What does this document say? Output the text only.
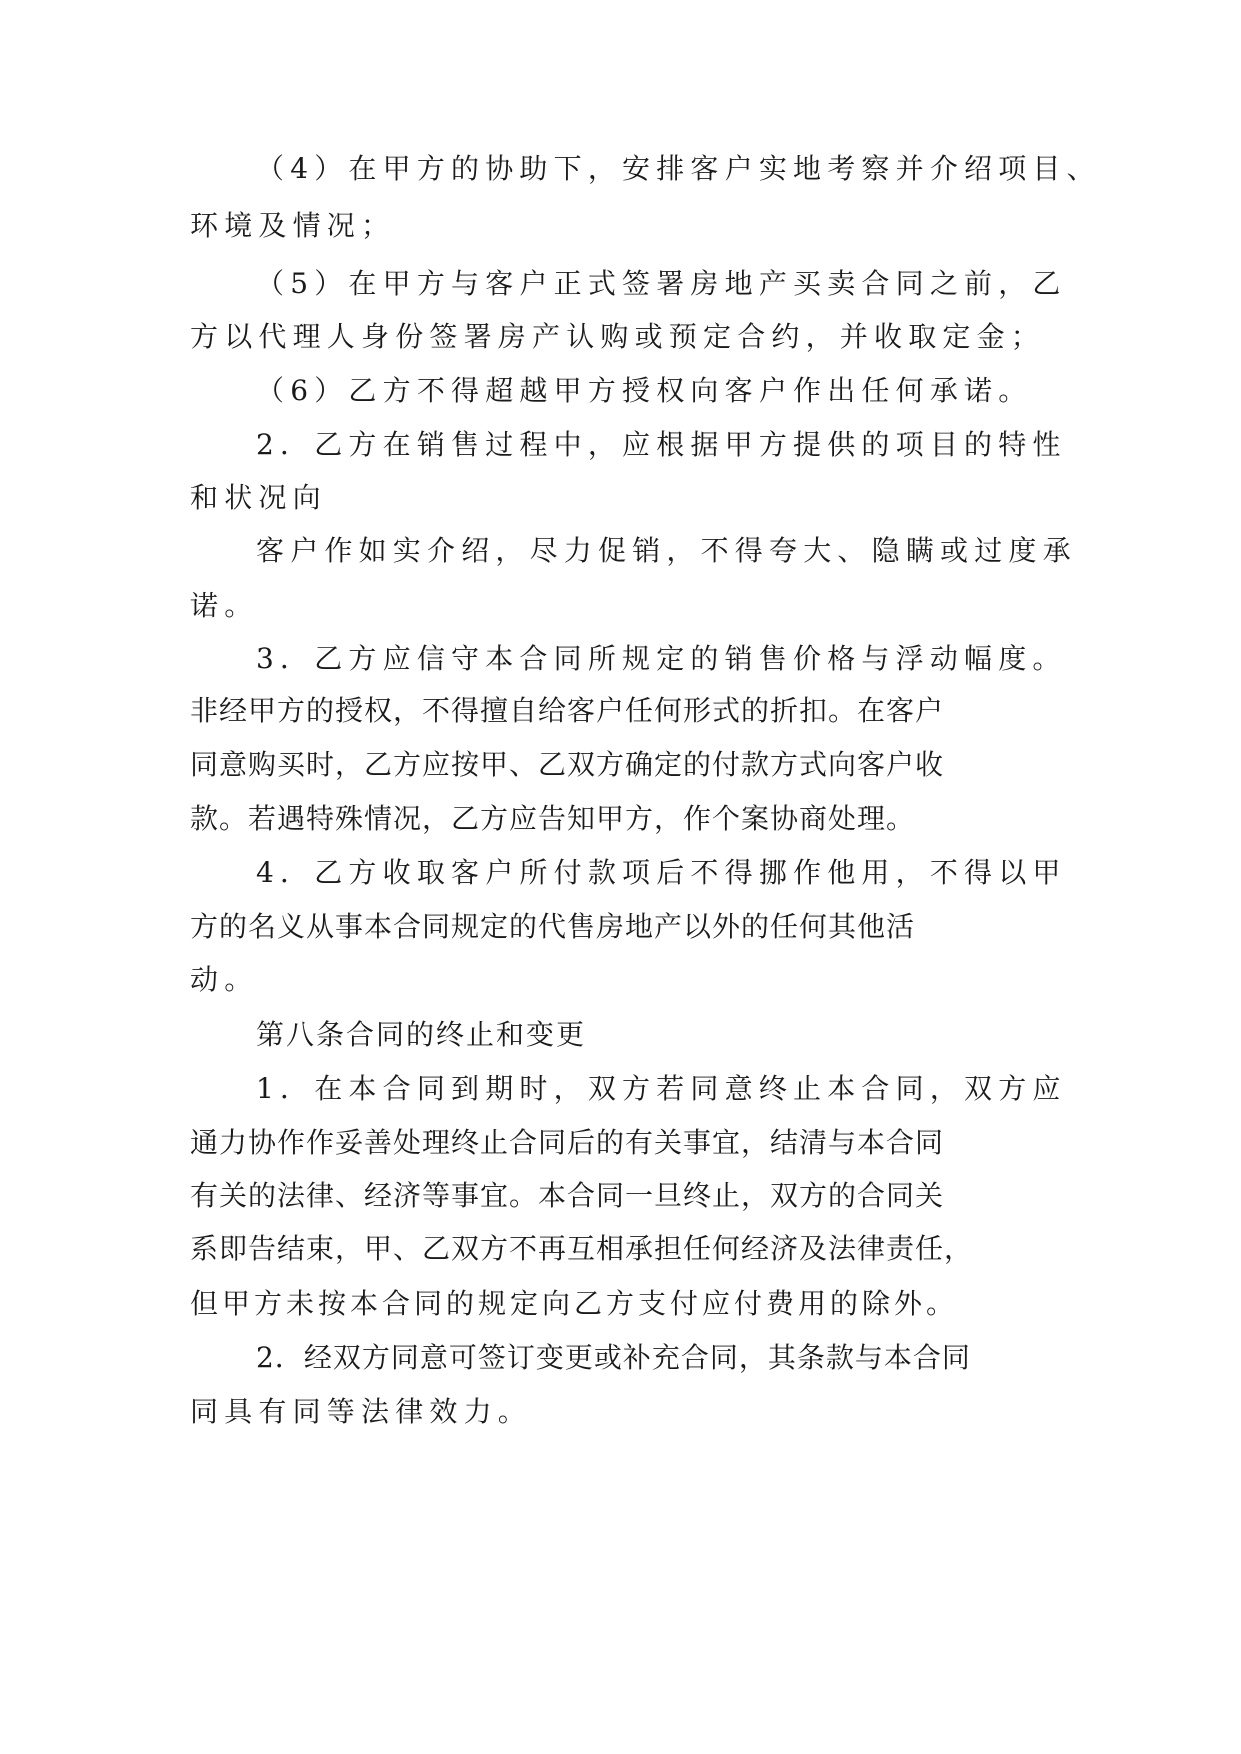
（4）在甲方的协助下，安排客户实地考察并介绍项目、
环境及情况；
（5）在甲方与客户正式签署房地产买卖合同之前，乙
方以代理人身份签署房产认购或预定合约，并收取定金；
（6）乙方不得超越甲方授权向客户作出任何承诺。
2．乙方在销售过程中，应根据甲方提供的项目的特性
和状况向
客户作如实介绍，尽力促销，不得夸大、隐瞒或过度承
诺。
3．乙方应信守本合同所规定的销售价格与浮动幅度。
非经甲方的授权，不得擅自给客户任何形式的折扣。在客户
同意购买时，乙方应按甲、乙双方确定的付款方式向客户收
款。若遇特殊情况，乙方应告知甲方，作个案协商处理。
4．乙方收取客户所付款项后不得挪作他用，不得以甲
方的名义从事本合同规定的代售房地产以外的任何其他活
动。
第八条合同的终止和变更
1．在本合同到期时，双方若同意终止本合同，双方应
通力协作作妥善处理终止合同后的有关事宜，结清与本合同
有关的法律、经济等事宜。本合同一旦终止，双方的合同关
系即告结束，甲、乙双方不再互相承担任何经济及法律责任，
但甲方未按本合同的规定向乙方支付应付费用的除外。
2．经双方同意可签订变更或补充合同，其条款与本合同
同具有同等法律效力。
